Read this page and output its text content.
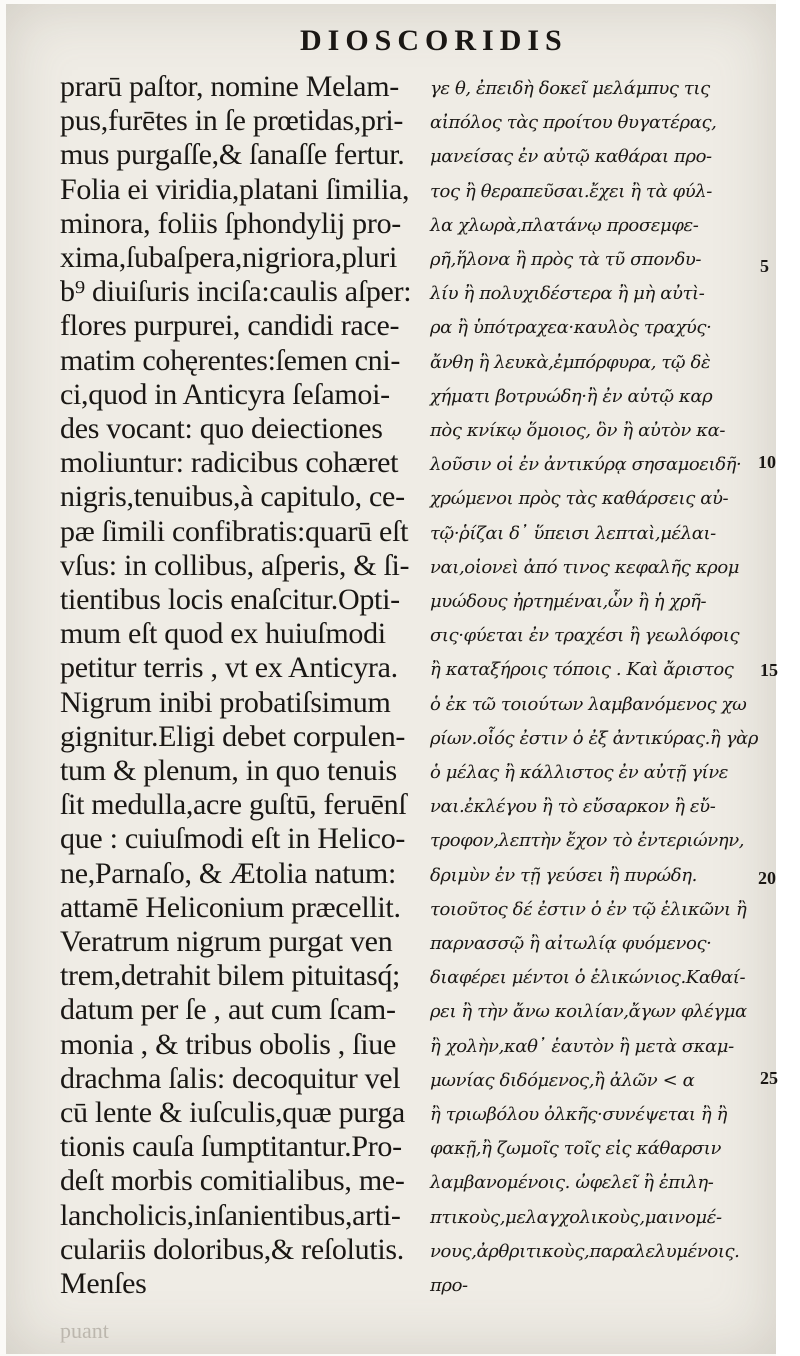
DIOSCORIDIS
prarū paſtor, nomine Melam-
pus,furētes in ſe prœtidas,pri-
mus purgaſſe,& ſanaſſe fertur.
Folia ei viridia,platani ſimilia,
minora, foliis ſphondylij pro-
xima,ſubaſpera,nigriora,pluri
b⁹ diuiſuris inciſa:caulis aſper:
flores purpurei, candidi race-
matim cohęrentes:ſemen cni-
ci,quod in Anticyra ſeſamoi-
des vocant: quo deiectiones
moliuntur: radicibus cohæret
nigris,tenuibus,à capitulo, ce-
pæ ſimili confibratis:quarū eſt
vſus: in collibus, aſperis, & ſi-
tientibus locis enaſcitur.Opti-
mum eſt quod ex huiuſmodi
petitur terris , vt ex Anticyra.
Nigrum inibi probatiſsimum
gignitur.Eligi debet corpulen-
tum & plenum, in quo tenuis
ſit medulla,acre guſtū, feruēnſ
que : cuiuſmodi eſt in Helico-
ne,Parnaſo, & Ætolia natum:
attamē Heliconium præcellit.
Veratrum nigrum purgat ven
trem,detrahit bilem pituitasq́;
datum per ſe , aut cum ſcam-
monia , & tribus obolis , ſiue
drachma ſalis: decoquitur vel
cū lente & iuſculis,quæ purga
tionis cauſa ſumptitantur.Pro-
deſt morbis comitialibus, me-
lancholicis,inſanientibus,arti-
culariis doloribus,& reſolutis.
Menſes
γε θ, ἐπειδὴ δοκεῖ μελάμπυς τις
αἰπόλος τὰς προίτου θυγατέρας,
μανείσας ἐν αὐτῷ καθάραι προ-
τος ἢ θεραπεῦσαι.ἔχει ἢ τὰ φύλ-
λα χλωρὰ,πλατάνῳ προσεμφε-
ρῆ,ἥλονα ἢ πρὸς τὰ τῦ σπονδυ-
λίυ ἢ πολυχιδέστερα ἢ μὴ αὐτὶ-
ρα ἢ ὑπότραχεα·καυλὸς τραχύς·
ἄνθη ἢ λευκὰ,ἐμπόρφυρα, τῷ δὲ
χήματι βοτρυώδη·ἢ ἐν αὐτῷ καρ
πὸς κνίκῳ ὅμοιος, ὃν ἢ αὐτὸν κα-
λοῦσιν οἱ ἐν ἀντικύρᾳ σησαμοειδῆ·
χρώμενοι πρὸς τὰς καθάρσεις αὐ-
τῷ·ῥίζαι δ᾽ ὕπεισι λεπταὶ,μέλαι-
ναι,οἱονεὶ ἀπό τινος κεφαλῆς κρομ
μυώδους ἠρτημέναι,ὧν ἢ ἡ χρῆ-
σις·φύεται ἐν τραχέσι ἢ γεωλόφοις
ἢ καταξήροις τόποις . Καὶ ἄριστος
ὁ ἐκ τῶ τοιούτων λαμβανόμενος χω
ρίων.οἷός ἐστιν ὁ ἐξ ἀντικύρας.ἢ γὰρ
ὁ μέλας ἢ κάλλιστος ἐν αὐτῇ γίνε
ναι.ἐκλέγου ἢ τὸ εὔσαρκον ἢ εὔ-
τροφον,λεπτὴν ἔχον τὸ ἐντεριώνην,
δριμὺν ἐν τῇ γεύσει ἢ πυρώδη.
τοιοῦτος δέ ἐστιν ὁ ἐν τῷ ἑλικῶνι ἢ
παρνασσῷ ἢ αἰτωλίᾳ φυόμενος·
διαφέρει μέντοι ὁ ἑλικώνιος.Καθαί-
ρει ἢ τὴν ἄνω κοιλίαν,ἄγων φλέγμα
ἢ χολὴν,καθ᾽ ἑαυτὸν ἢ μετὰ σκαμ-
μωνίας διδόμενος,ἢ ἀλῶν < α
ἢ τριωβόλου ὀλκῆς·συνέψεται ἢ ἢ
φακῇ,ἢ ζωμοῖς τοῖς εἰς κάθαρσιν
λαμβανομένοις. ὠφελεῖ ἢ ἐπιλη-
πτικοὺς,μελαγχολικοὺς,μαινομέ-
νους,ἀρθριτικοὺς,παραλελυμένοις.
προ-
5
10
15
20
25
puant
